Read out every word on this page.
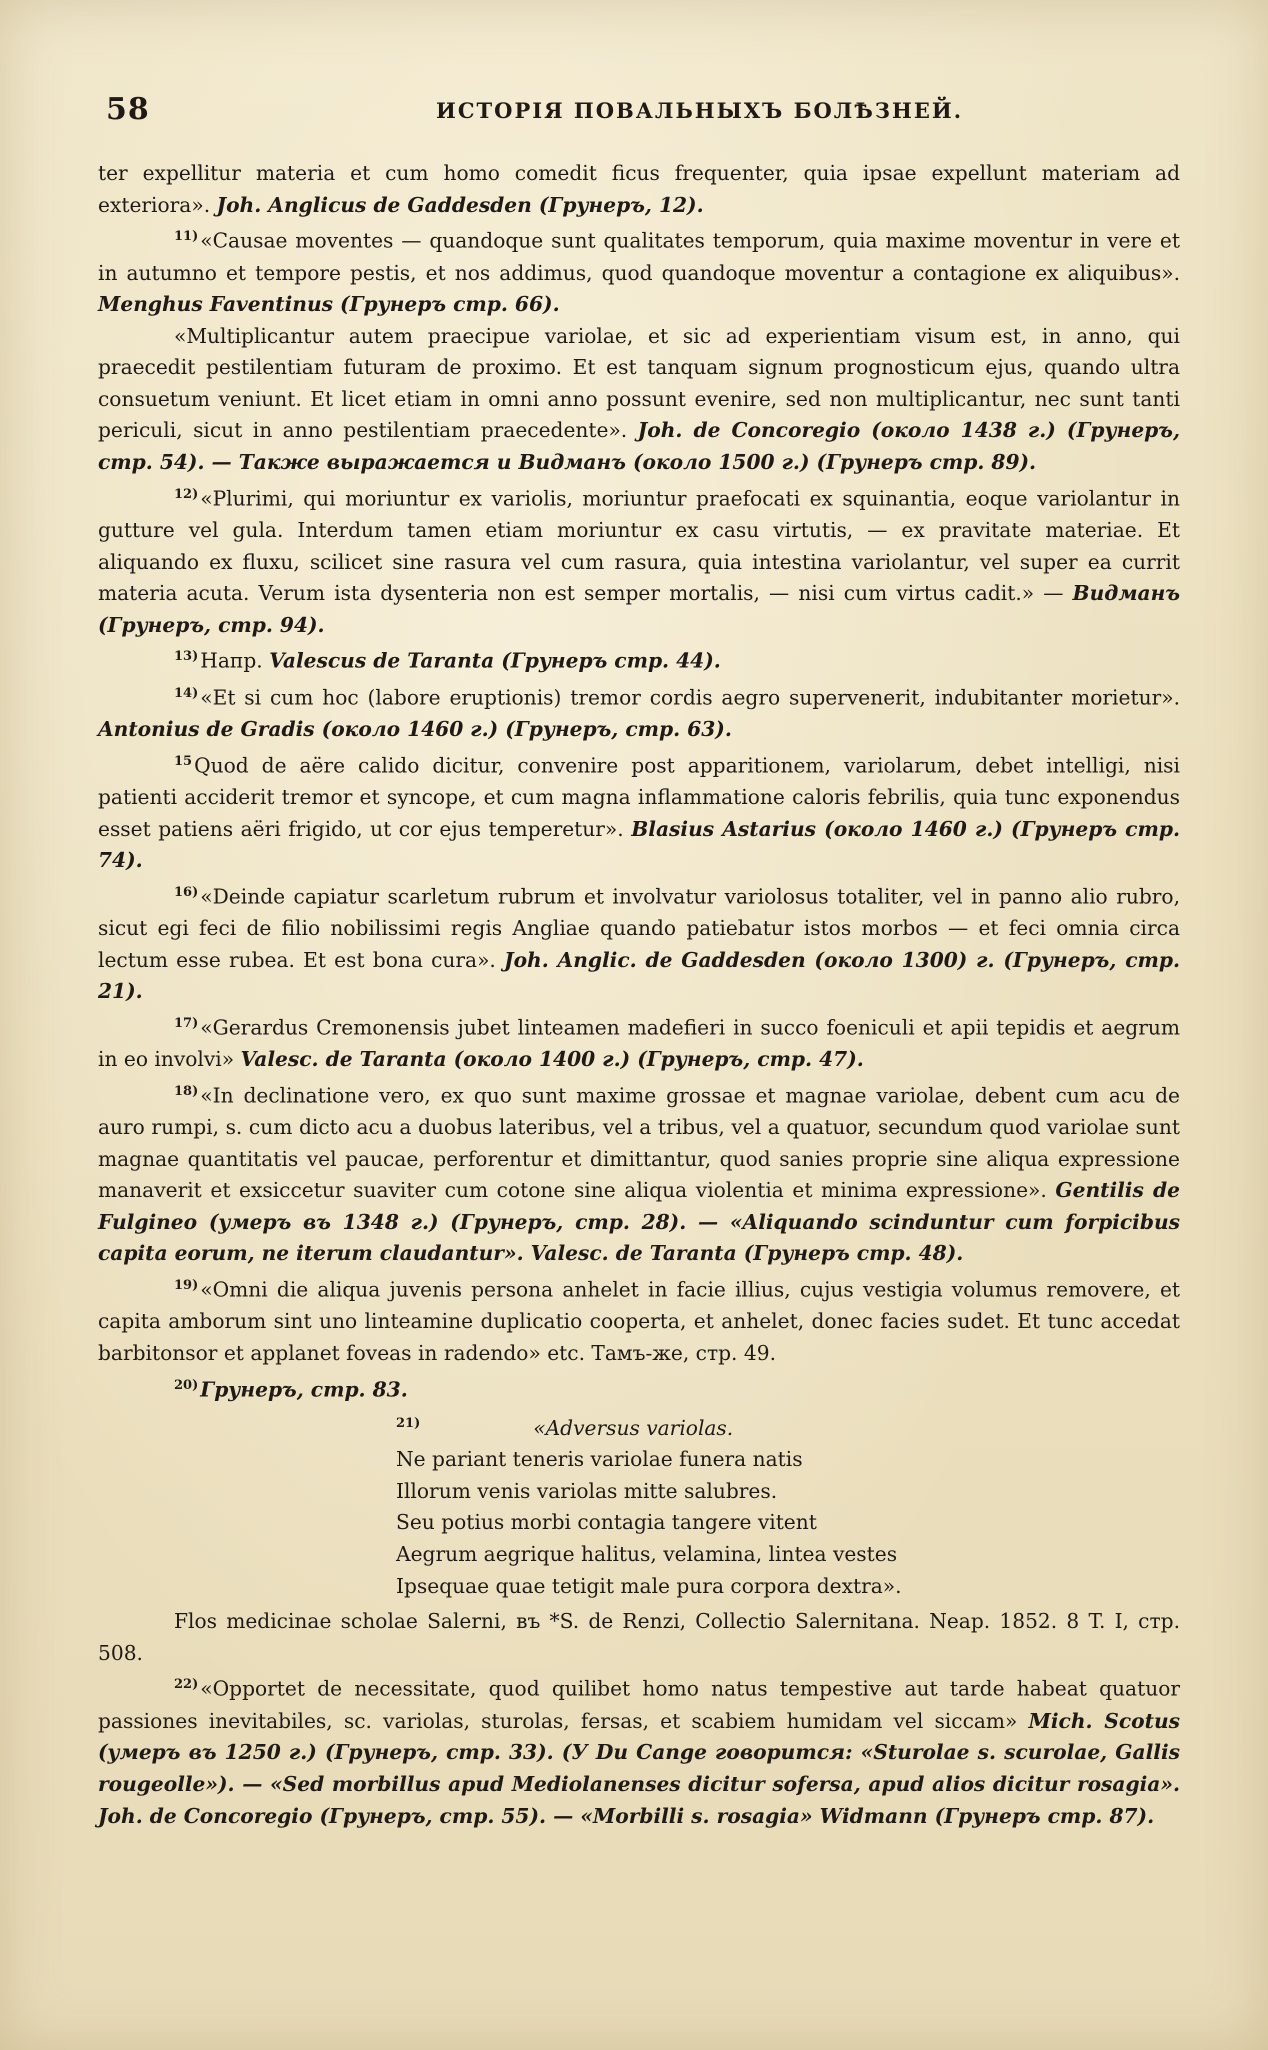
58	ИСТОРІЯ ПОВАЛЬНЫХЪ БОЛѢЗНЕЙ.

ter expellitur materia et cum homo comedit ficus frequenter, quia ipsae expellunt materiam ad exteriora». Joh. Anglicus de Gaddesden (Грунеръ, 12).

$^{11)}$«Causae moventes — quandoque sunt qualitates temporum, quia maxime moventur in vere et in autumno et tempore pestis, et nos addimus, quod quandoque moventur a contagione ex aliquibus». Menghus Faventinus (Грунеръ стр. 66).

«Multiplicantur autem praecipue variolae, et sic ad experientiam visum est, in anno, qui praecedit pestilentiam futuram de proximo. Et est tanquam signum prognosticum ejus, quando ultra consuetum veniunt. Et licet etiam in omni anno possunt evenire, sed non multiplicantur, nec sunt tanti periculi, sicut in anno pestilentiam praecedente». Joh. de Concoregio (около 1438 г.) (Грунеръ, стр. 54). — Также выражается и Видманъ (около 1500 г.) (Грунеръ стр. 89).

$^{12)}$«Plurimi, qui moriuntur ex variolis, moriuntur praefocati ex squinantia, eoque variolantur in gutture vel gula. Interdum tamen etiam moriuntur ex casu virtutis, — ex pravitate materiae. Et aliquando ex fluxu, scilicet sine rasura vel cum rasura, quia intestina variolantur, vel super ea currit materia acuta. Verum ista dysenteria non est semper mortalis, — nisi cum virtus cadit.» — Видманъ (Грунеръ, стр. 94).

$^{13)}$Напр. Valescus de Taranta (Грунеръ стр. 44).

$^{14)}$«Et si cum hoc (labore eruptionis) tremor cordis aegro supervenerit, indubitanter morietur». Antonius de Gradis (около 1460 г.) (Грунеръ, стр. 63).

$^{15}$Quod de aëre calido dicitur, convenire post apparitionem, variolarum, debet intelligi, nisi patienti acciderit tremor et syncope, et cum magna inflammatione caloris febrilis, quia tunc exponendus esset patiens aëri frigido, ut cor ejus temperetur». Blasius Astarius (около 1460 г.) (Грунеръ стр. 74).

$^{16)}$«Deinde capiatur scarletum rubrum et involvatur variolosus totaliter, vel in panno alio rubro, sicut egi feci de filio nobilissimi regis Angliae quando patiebatur istos morbos — et feci omnia circa lectum esse rubea. Et est bona cura». Joh. Anglic. de Gaddesden (около 1300) г. (Грунеръ, стр. 21).

$^{17)}$«Gerardus Cremonensis jubet linteamen madefieri in succo foeniculi et apii tepidis et aegrum in eo involvi» Valesc. de Taranta (около 1400 г.) (Грунеръ, стр. 47).

$^{18)}$«In declinatione vero, ex quo sunt maxime grossae et magnae variolae, debent cum acu de auro rumpi, s. cum dicto acu a duobus lateribus, vel a tribus, vel a quatuor, secundum quod variolae sunt magnae quantitatis vel paucae, perforentur et dimittantur, quod sanies proprie sine aliqua expressione manaverit et exsiccetur suaviter cum cotone sine aliqua violentia et minima expressione». Gentilis de Fulgineo (умеръ въ 1348 г.) (Грунеръ, стр. 28). — «Aliquando scinduntur cum forpicibus capita eorum, ne iterum claudantur». Valesc. de Taranta (Грунеръ стр. 48).

$^{19)}$«Omni die aliqua juvenis persona anhelet in facie illius, cujus vestigia volumus removere, et capita amborum sint uno linteamine duplicatio cooperta, et anhelet, donec facies sudet. Et tunc accedat barbitonsor et applanet foveas in radendo» etc. Тамъ-же, стр. 49.

$^{20)}$Грунеръ, стр. 83.

$^{21)}$	«Adversus variolas.
Ne pariant teneris variolae funera natis
Illorum venis variolas mitte salubres.
Seu potius morbi contagia tangere vitent
Aegrum aegrique halitus, velamina, lintea vestes
Ipsequae quae tetigit male pura corpora dextra».

Flos medicinae scholae Salerni, въ *S. de Renzi, Collectio Salernitana. Neap. 1852. 8 T. I, стр. 508.

$^{22)}$«Opportet de necessitate, quod quilibet homo natus tempestive aut tarde habeat quatuor passiones inevitabiles, sc. variolas, sturolas, fersas, et scabiem humidam vel siccam» Mich. Scotus (умеръ въ 1250 г.) (Грунеръ, стр. 33). (У Du Cange говорится: «Sturolae s. scurolae, Gallis rougeolle»). — «Sed morbillus apud Mediolanenses dicitur sofersa, apud alios dicitur rosagia». Joh. de Concoregio (Грунеръ, стр. 55). — «Morbilli s. rosagia» Widmann (Грунеръ стр. 87).
